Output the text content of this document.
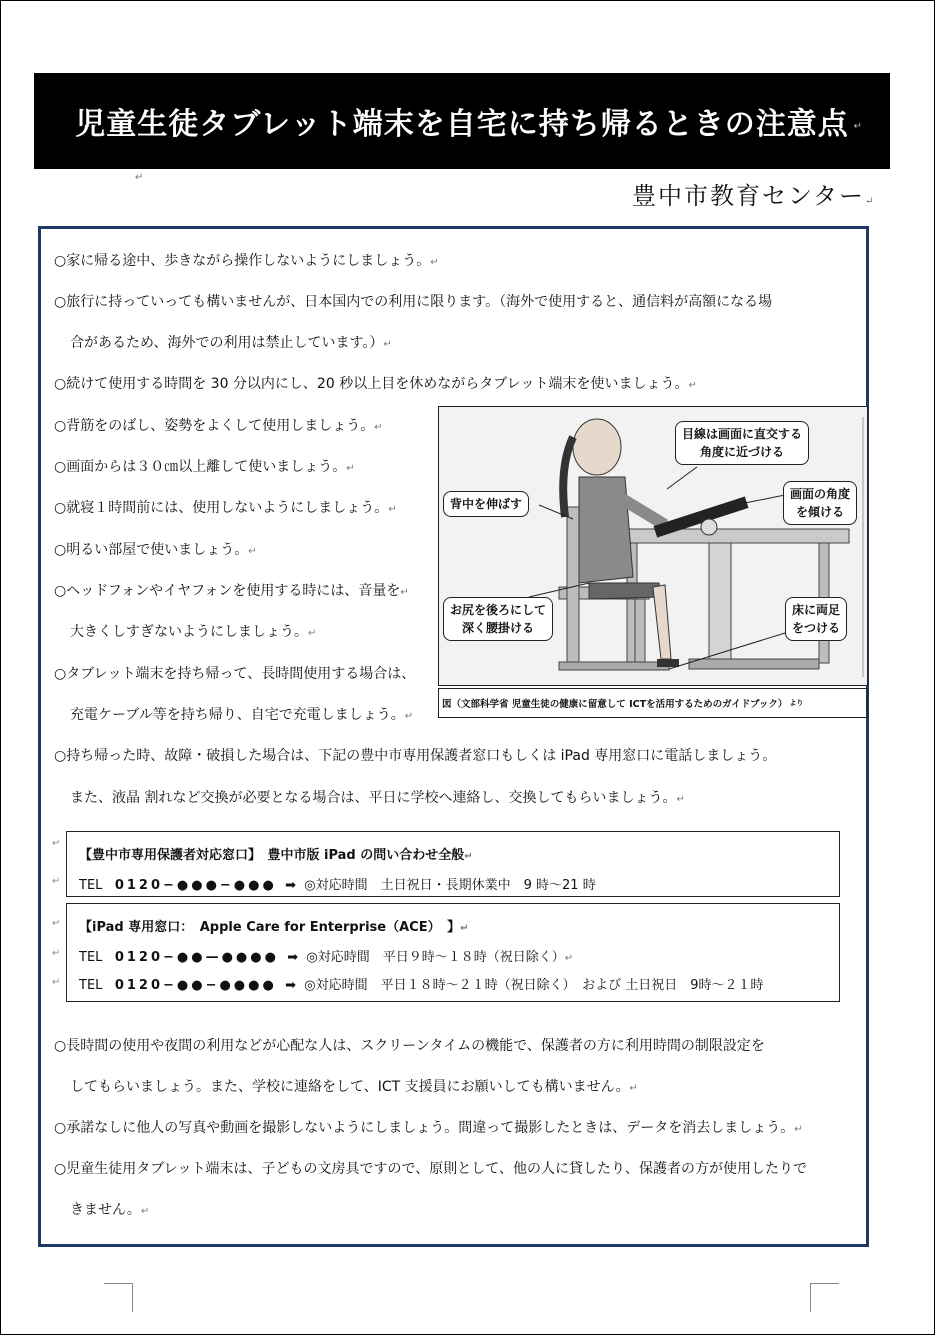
児童生徒タブレット端末を自宅に持ち帰るときの注意点 ↵
↵
豊中市教育センター↵
○家に帰る途中、歩きながら操作しないようにしましょう。↵
○旅行に持っていっても構いませんが、日本国内での利用に限ります。（海外で使用すると、通信料が高額になる場
合があるため、海外での利用は禁止しています。）↵
○続けて使用する時間を 30 分以内にし、20 秒以上目を休めながらタブレット端末を使いましょう。↵
○背筋をのばし、姿勢をよくして使用しましょう。↵
○画面からは３０㎝以上離して使いましょう。↵
○就寝１時間前には、使用しないようにしましょう。↵
○明るい部屋で使いましょう。↵
○ヘッドフォンやイヤフォンを使用する時には、音量を↵
大きくしすぎないようにしましょう。↵
○タブレット端末を持ち帰って、長時間使用する場合は、
充電ケーブル等を持ち帰り、自宅で充電しましょう。↵
○持ち帰った時、故障・破損した場合は、下記の豊中市専用保護者窓口もしくは iPad 専用窓口に電話しましょう。
また、液晶 割れなど交換が必要となる場合は、平日に学校へ連絡し、交換してもらいましょう。↵
目線は画面に直交する
角度に近づける
背中を伸ばす
画面の角度
を傾ける
お尻を後ろにして
深く腰掛ける
床に両足
をつける
図（文部科学省 児童生徒の健康に留意して ICTを活用するためのガイドブック） より
↵
↵
【豊中市専用保護者対応窓口】　豊中市版 iPad の問い合わせ全般↵
TEL 0120−●●●−●●● ➡ ◎対応時間　土日祝日・長期休業中　9 時〜21 時
↵
↵
↵
【iPad 専用窓口：　Apple Care for Enterprise（ACE）　】↵
TEL 0120−●●—●●●● ➡ ◎対応時間　平日９時〜１８時（祝日除く）↵
TEL 0120−●●−●●●● ➡ ◎対応時間　平日１８時〜２１時（祝日除く）　および 土日祝日　9時〜２１時
○長時間の使用や夜間の利用などが心配な人は、スクリーンタイムの機能で、保護者の方に利用時間の制限設定を
してもらいましょう。また、学校に連絡をして、ICT 支援員にお願いしても構いません。↵
○承諾なしに他人の写真や動画を撮影しないようにしましょう。間違って撮影したときは、データを消去しましょう。↵
○児童生徒用タブレット端末は、子どもの文房具ですので、原則として、他の人に貸したり、保護者の方が使用したりで
きません。↵
